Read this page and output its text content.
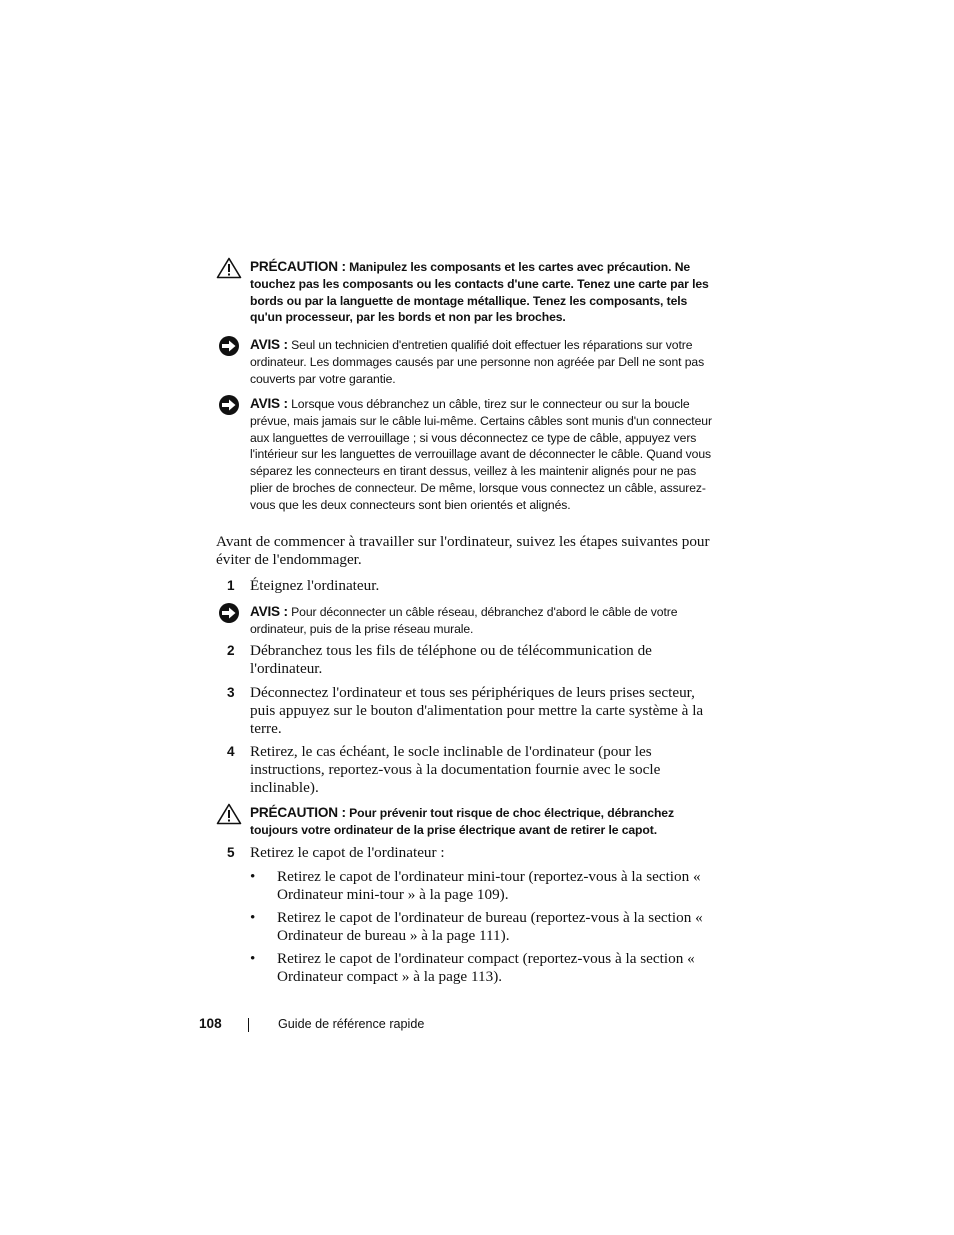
PRÉCAUTION : Manipulez les composants et les cartes avec précaution. Ne touchez pas les composants ou les contacts d'une carte. Tenez une carte par les bords ou par la languette de montage métallique. Tenez les composants, tels qu'un processeur, par les bords et non par les broches.
AVIS : Seul un technicien d'entretien qualifié doit effectuer les réparations sur votre ordinateur. Les dommages causés par une personne non agréée par Dell ne sont pas couverts par votre garantie.
AVIS : Lorsque vous débranchez un câble, tirez sur le connecteur ou sur la boucle prévue, mais jamais sur le câble lui-même. Certains câbles sont munis d'un connecteur aux languettes de verrouillage ; si vous déconnectez ce type de câble, appuyez vers l'intérieur sur les languettes de verrouillage avant de déconnecter le câble. Quand vous séparez les connecteurs en tirant dessus, veillez à les maintenir alignés pour ne pas plier de broches de connecteur. De même, lorsque vous connectez un câble, assurez-vous que les deux connecteurs sont bien orientés et alignés.
Avant de commencer à travailler sur l'ordinateur, suivez les étapes suivantes pour éviter de l'endommager.
1 Éteignez l'ordinateur.
AVIS : Pour déconnecter un câble réseau, débranchez d'abord le câble de votre ordinateur, puis de la prise réseau murale.
2 Débranchez tous les fils de téléphone ou de télécommunication de l'ordinateur.
3 Déconnectez l'ordinateur et tous ses périphériques de leurs prises secteur, puis appuyez sur le bouton d'alimentation pour mettre la carte système à la terre.
4 Retirez, le cas échéant, le socle inclinable de l'ordinateur (pour les instructions, reportez-vous à la documentation fournie avec le socle inclinable).
PRÉCAUTION : Pour prévenir tout risque de choc électrique, débranchez toujours votre ordinateur de la prise électrique avant de retirer le capot.
5 Retirez le capot de l'ordinateur :
• Retirez le capot de l'ordinateur mini-tour (reportez-vous à la section « Ordinateur mini-tour » à la page 109).
• Retirez le capot de l'ordinateur de bureau (reportez-vous à la section « Ordinateur de bureau » à la page 111).
• Retirez le capot de l'ordinateur compact (reportez-vous à la section « Ordinateur compact » à la page 113).
108	Guide de référence rapide
